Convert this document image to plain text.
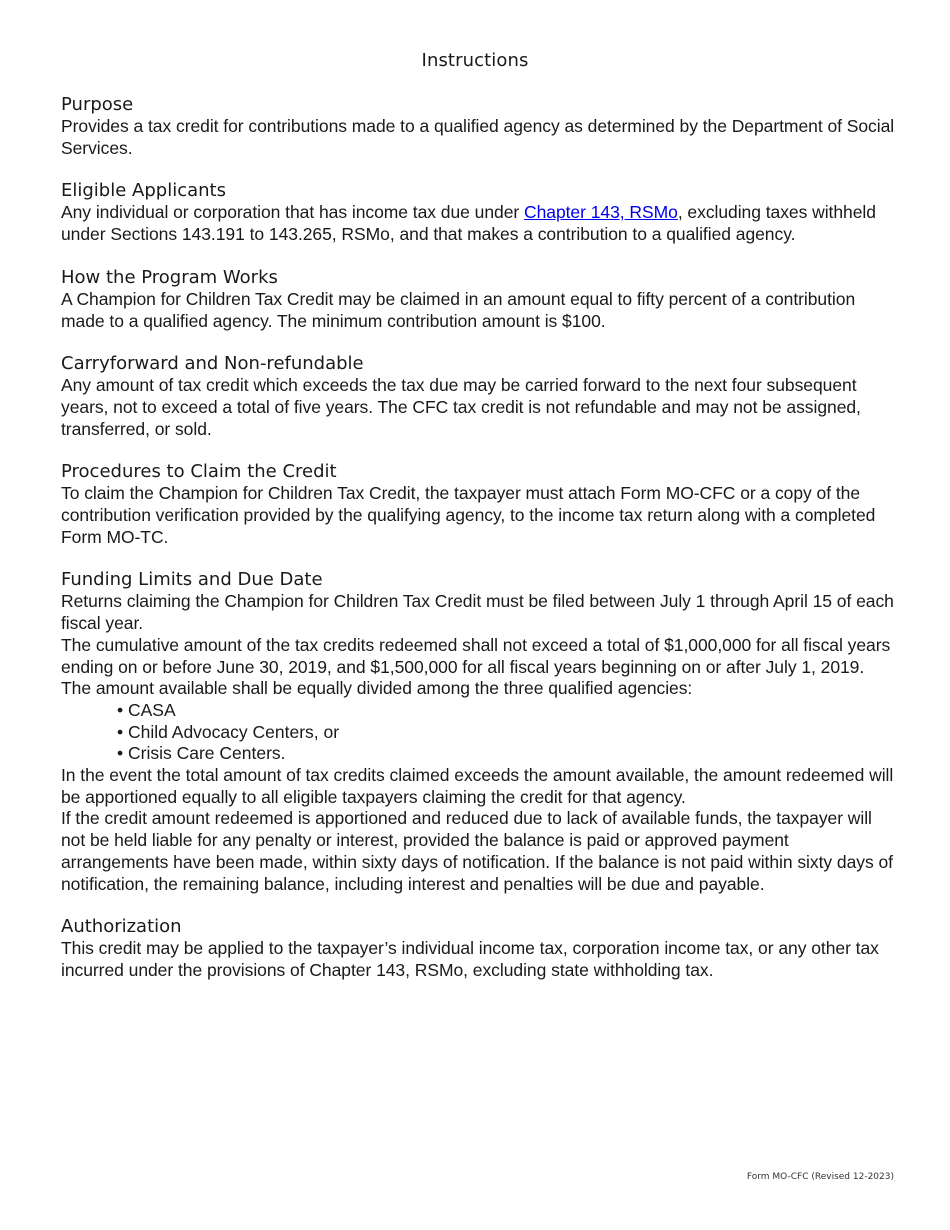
Instructions
Purpose

Provides a tax credit for contributions made to a qualified agency as determined by the Department of Social Services.

Eligible Applicants

Any individual or corporation that has income tax due under Chapter 143, RSMo, excluding taxes withheld under Sections 143.191 to 143.265, RSMo, and that makes a contribution to a qualified agency.

How the Program Works

A Champion for Children Tax Credit may be claimed in an amount equal to fifty percent of a contribution made to a qualified agency. The minimum contribution amount is $100.

Carryforward and Non-refundable

Any amount of tax credit which exceeds the tax due may be carried forward to the next four subsequent years, not to exceed a total of five years. The CFC tax credit is not refundable and may not be assigned, transferred, or sold.

Procedures to Claim the Credit

To claim the Champion for Children Tax Credit, the taxpayer must attach Form MO-CFC or a copy of the contribution verification provided by the qualifying agency, to the income tax return along with a completed Form MO-TC.

Funding Limits and Due Date

Returns claiming the Champion for Children Tax Credit must be filed between July 1 through April 15 of each fiscal year.

The cumulative amount of the tax credits redeemed shall not exceed a total of $1,000,000 for all fiscal years ending on or before June 30, 2019, and $1,500,000 for all fiscal years beginning on or after July 1, 2019. The amount available shall be equally divided among the three qualified agencies:

• CASA
• Child Advocacy Centers, or
• Crisis Care Centers.

In the event the total amount of tax credits claimed exceeds the amount available, the amount redeemed will be apportioned equally to all eligible taxpayers claiming the credit for that agency.

If the credit amount redeemed is apportioned and reduced due to lack of available funds, the taxpayer will not be held liable for any penalty or interest, provided the balance is paid or approved payment arrangements have been made, within sixty days of notification. If the balance is not paid within sixty days of notification, the remaining balance, including interest and penalties will be due and payable.

Authorization

This credit may be applied to the taxpayer’s individual income tax, corporation income tax, or any other tax incurred under the provisions of Chapter 143, RSMo, excluding state withholding tax.

Form MO-CFC (Revised 12-2023)
